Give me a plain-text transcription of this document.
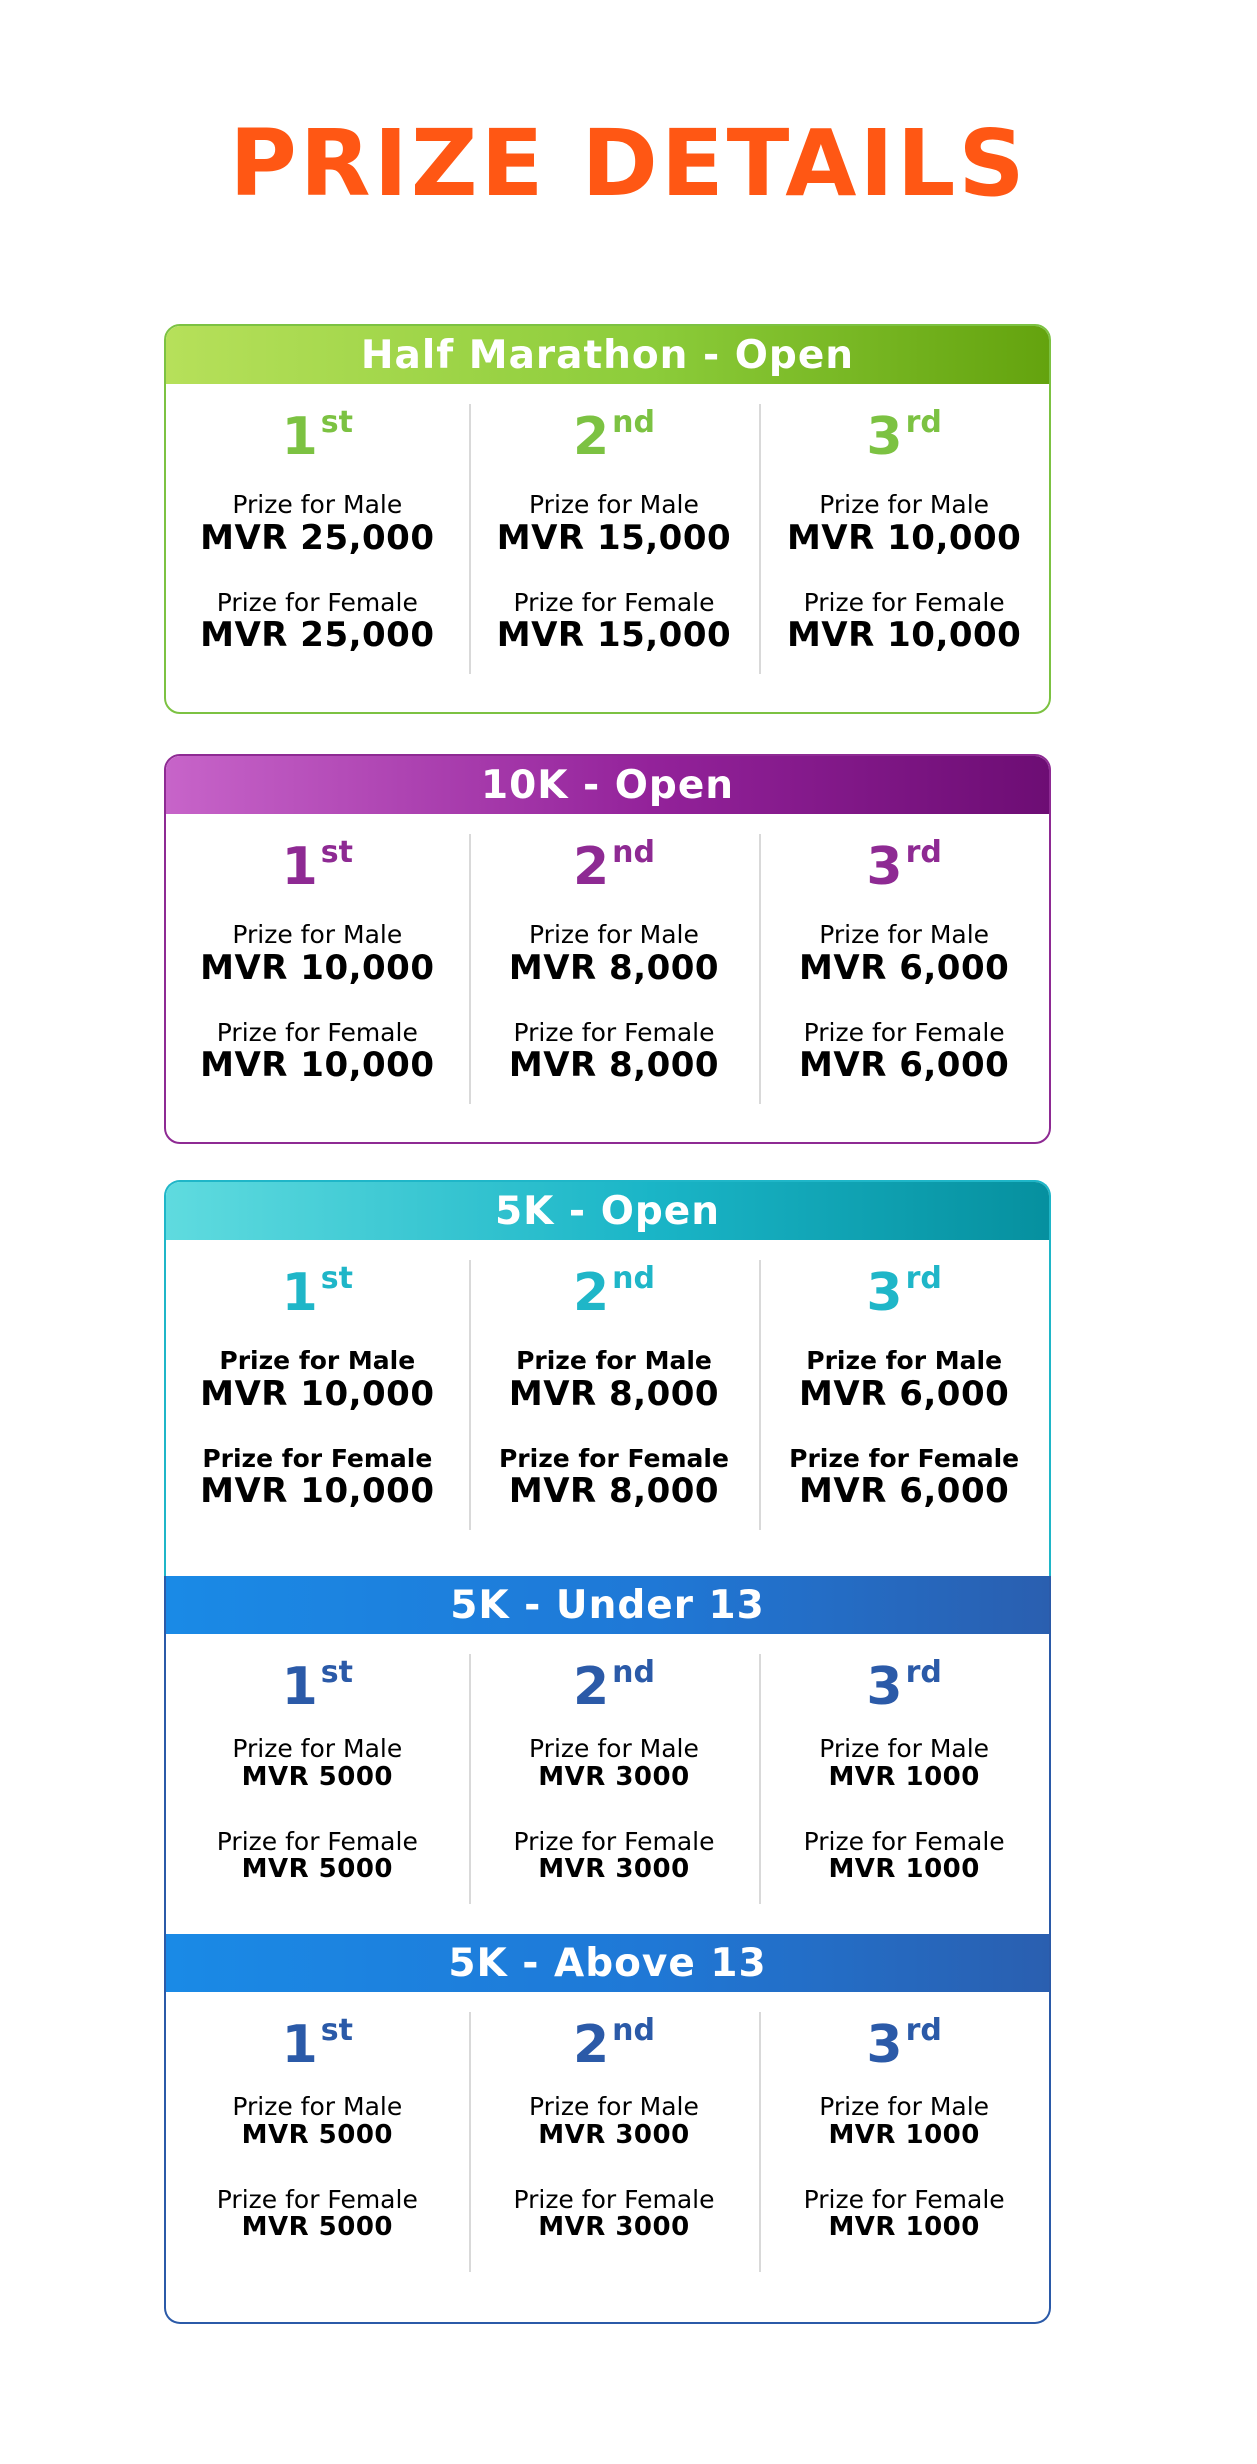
PRIZE DETAILS
Half Marathon - Open
1 $^{st}$
Prize for Male
MVR 25,000
Prize for Female
MVR 25,000
2 $^{nd}$
Prize for Male
MVR 15,000
Prize for Female
MVR 15,000
3 $^{rd}$
Prize for Male
MVR 10,000
Prize for Female
MVR 10,000
10K - Open
1 $^{st}$
Prize for Male
MVR 10,000
Prize for Female
MVR 10,000
2 $^{nd}$
Prize for Male
MVR 8,000
Prize for Female
MVR 8,000
3 $^{rd}$
Prize for Male
MVR 6,000
Prize for Female
MVR 6,000
5K - Open
1 $^{st}$
Prize for Male
MVR 10,000
Prize for Female
MVR 10,000
2 $^{nd}$
Prize for Male
MVR 8,000
Prize for Female
MVR 8,000
3 $^{rd}$
Prize for Male
MVR 6,000
Prize for Female
MVR 6,000
5K - Under 13
1 $^{st}$
Prize for Male
MVR 5000
Prize for Female
MVR 5000
2 $^{nd}$
Prize for Male
MVR 3000
Prize for Female
MVR 3000
3 $^{rd}$
Prize for Male
MVR 1000
Prize for Female
MVR 1000
5K - Above 13
1 $^{st}$
Prize for Male
MVR 5000
Prize for Female
MVR 5000
2 $^{nd}$
Prize for Male
MVR 3000
Prize for Female
MVR 3000
3 $^{rd}$
Prize for Male
MVR 1000
Prize for Female
MVR 1000
